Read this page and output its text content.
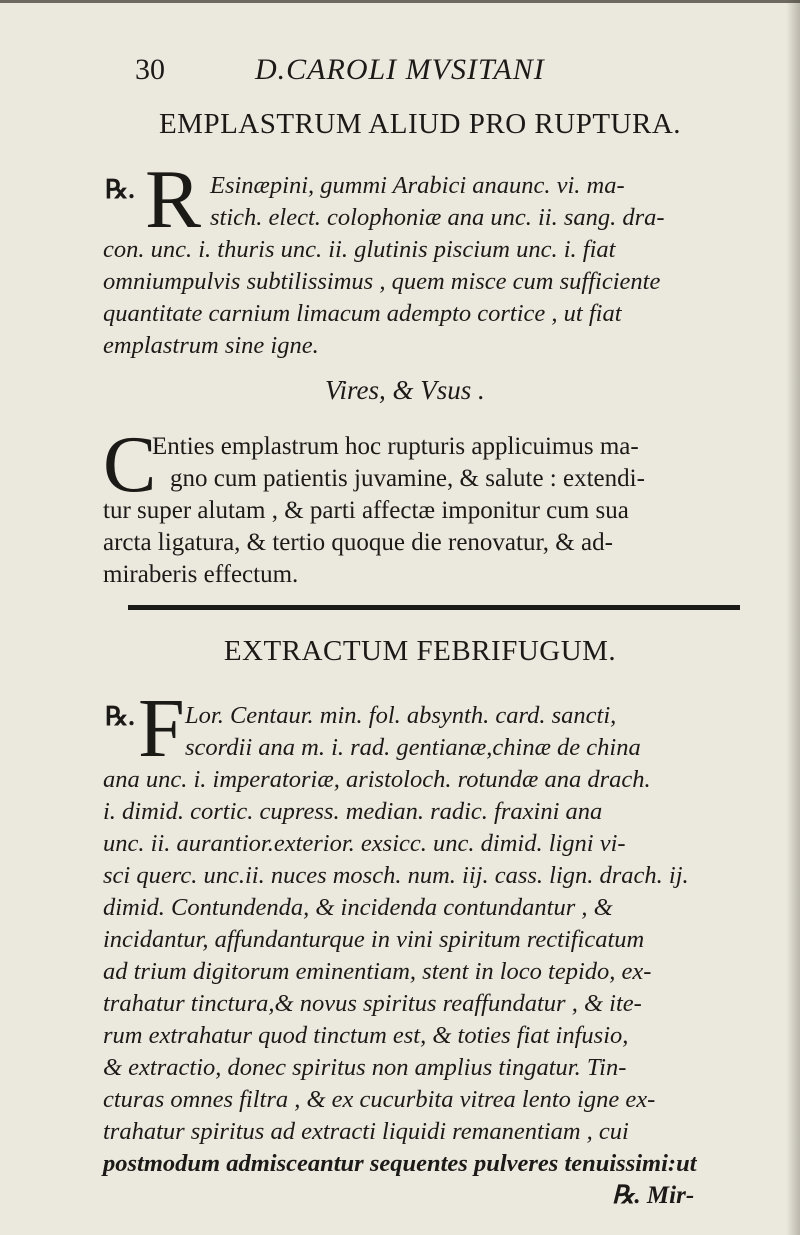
30	D.CAROLI MVSITANI
EMPLASTRUM ALIUD PRO RUPTURA.
℞. R Esinæpini, gummi Arabici anaunc. vi. ma-
stich. elect. colophoniæ ana unc. ii. sang. dra-
con. unc. i. thuris unc. ii. glutinis piscium unc. i. fiat
omniumpulvis subtilissimus , quem misce cum sufficiente
quantitate carnium limacum adempto cortice , ut fiat
emplastrum sine igne.
Vires, & Vsus .
C
Enties emplastrum hoc rupturis applicuimus ma-
gno cum patientis juvamine, & salute : extendi-
tur super alutam , & parti affectæ imponitur cum sua
arcta ligatura, & tertio quoque die renovatur, & ad-
miraberis effectum.
EXTRACTUM FEBRIFUGUM.
℞. F Lor. Centaur. min. fol. absynth. card. sancti,
scordii ana m. i. rad. gentianæ,chinæ de china
ana unc. i. imperatoriæ, aristoloch. rotundæ ana drach.
i. dimid. cortic. cupress. median. radic. fraxini ana
unc. ii. aurantior.exterior. exsicc. unc. dimid. ligni vi-
sci querc. unc.ii. nuces mosch. num. iij. cass. lign. drach. ij.
dimid. Contundenda, & incidenda contundantur , &
incidantur, affundanturque in vini spiritum rectificatum
ad trium digitorum eminentiam, stent in loco tepido, ex-
trahatur tinctura,& novus spiritus reaffundatur , & ite-
rum extrahatur quod tinctum est, & toties fiat infusio,
& extractio, donec spiritus non amplius tingatur. Tin-
cturas omnes filtra , & ex cucurbita vitrea lento igne ex-
trahatur spiritus ad extracti liquidi remanentiam , cui
postmodum admisceantur sequentes pulveres tenuissimi:ut
℞. Mir-
